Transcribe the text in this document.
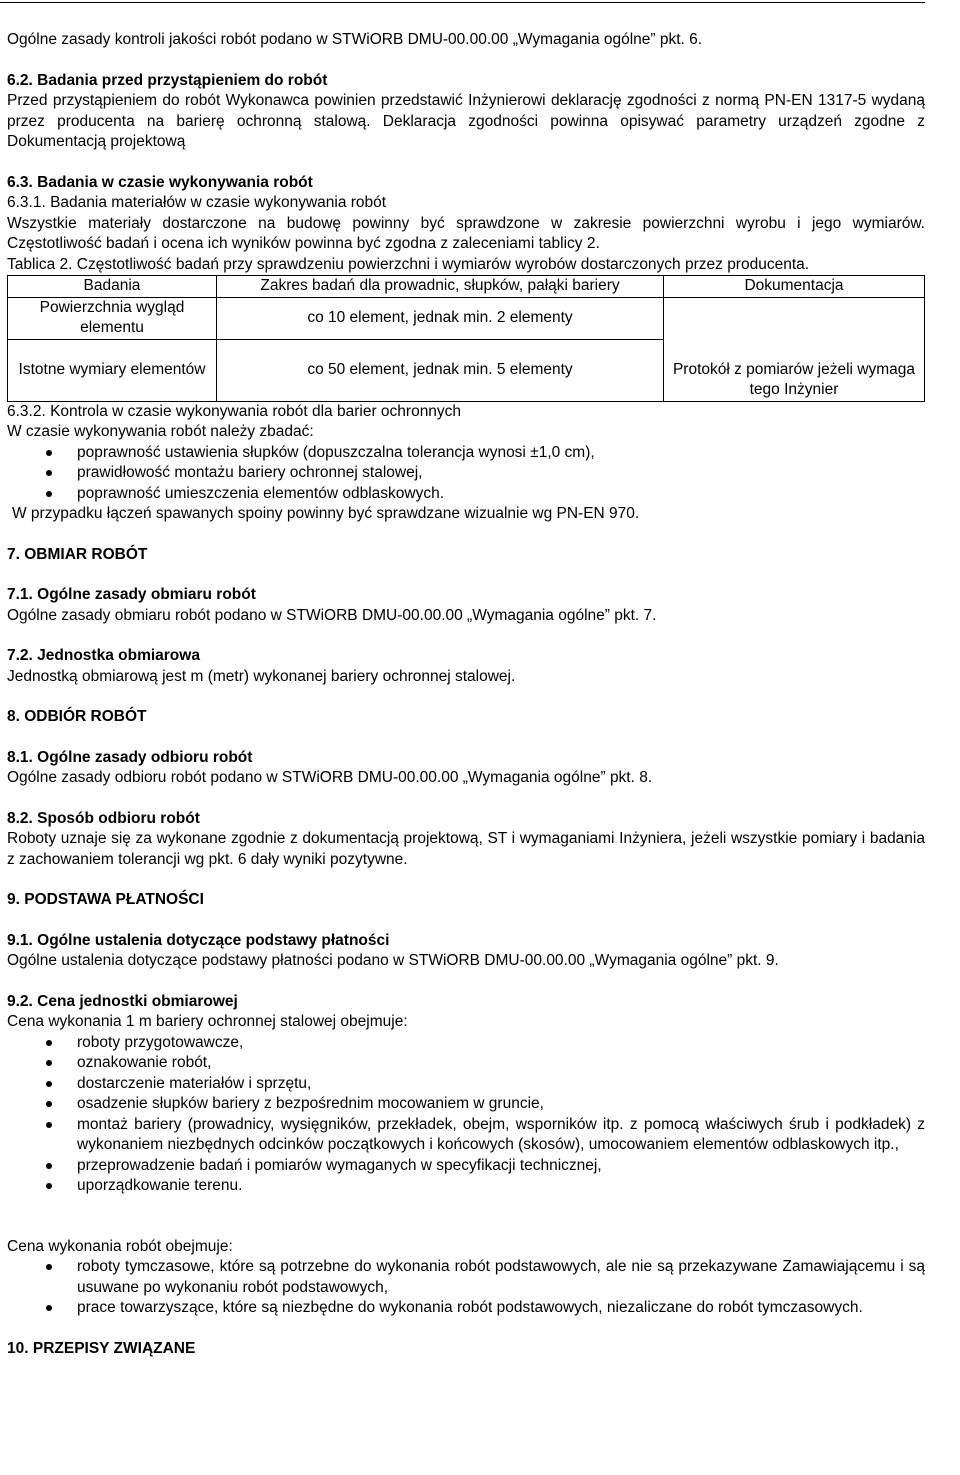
Ogólne zasady kontroli jakości robót podano w STWiORB DMU-00.00.00 „Wymagania ogólne” pkt. 6.

6.2. Badania przed przystąpieniem do robót

Przed przystąpieniem do robót Wykonawca powinien przedstawić Inżynierowi deklarację zgodności z normą PN-EN 1317-5 wydaną przez producenta na barierę ochronną stalową. Deklaracja zgodności powinna opisywać parametry urządzeń zgodne z Dokumentacją projektową

6.3. Badania w czasie wykonywania robót

6.3.1. Badania materiałów w czasie wykonywania robót

Wszystkie materiały dostarczone na budowę powinny być sprawdzone w zakresie powierzchni wyrobu i jego wymiarów. Częstotliwość badań i ocena ich wyników powinna być zgodna z zaleceniami tablicy 2.

Tablica 2. Częstotliwość badań przy sprawdzeniu powierzchni i wymiarów wyrobów dostarczonych przez producenta.

Badania	Zakres badań dla prowadnic, słupków, pałąki bariery	Dokumentacja
Powierzchnia wygląd elementu	co 10 element, jednak min. 2 elementy	Protokół z pomiarów jeżeli wymaga tego Inżynier

Istotne wymiary elementów	co 50 element, jednak min. 5 elementy	

6.3.2. Kontrola w czasie wykonywania robót dla barier ochronnych

W czasie wykonywania robót należy zbadać:

poprawność ustawienia słupków (dopuszczalna tolerancja wynosi ±1,0 cm),
prawidłowość montażu bariery ochronnej stalowej,
poprawność umieszczenia elementów odblaskowych.

W przypadku łączeń spawanych spoiny powinny być sprawdzane wizualnie wg PN-EN 970.

7. OBMIAR ROBÓT

7.1. Ogólne zasady obmiaru robót

Ogólne zasady obmiaru robót podano w STWiORB DMU-00.00.00 „Wymagania ogólne” pkt. 7.

7.2. Jednostka obmiarowa

Jednostką obmiarową jest m (metr) wykonanej bariery ochronnej stalowej.

8. ODBIÓR ROBÓT

8.1. Ogólne zasady odbioru robót

Ogólne zasady odbioru robót podano w STWiORB DMU-00.00.00 „Wymagania ogólne” pkt. 8.

8.2. Sposób odbioru robót

Roboty uznaje się za wykonane zgodnie z dokumentacją projektową, ST i wymaganiami Inżyniera, jeżeli wszystkie pomiary i badania z zachowaniem tolerancji wg pkt. 6 dały wyniki pozytywne.

9. PODSTAWA PŁATNOŚCI

9.1. Ogólne ustalenia dotyczące podstawy płatności

Ogólne ustalenia dotyczące podstawy płatności podano w STWiORB DMU-00.00.00 „Wymagania ogólne” pkt. 9.

9.2. Cena jednostki obmiarowej

Cena wykonania 1 m bariery ochronnej stalowej obejmuje:

roboty przygotowawcze,
oznakowanie robót,
dostarczenie materiałów i sprzętu,
osadzenie słupków bariery z bezpośrednim mocowaniem w gruncie,
montaż bariery (prowadnicy, wysięgników, przekładek, obejm, wsporników itp. z pomocą właściwych śrub i podkładek) z wykonaniem niezbędnych odcinków początkowych i końcowych (skosów), umocowaniem elementów odblaskowych itp.,
przeprowadzenie badań i pomiarów wymaganych w specyfikacji technicznej,
uporządkowanie terenu.

Cena wykonania robót obejmuje:

roboty tymczasowe, które są potrzebne do wykonania robót podstawowych, ale nie są przekazywane Zamawiającemu i są usuwane po wykonaniu robót podstawowych,
prace towarzyszące, które są niezbędne do wykonania robót podstawowych, niezaliczane do robót tymczasowych.

10. PRZEPISY ZWIĄZANE
